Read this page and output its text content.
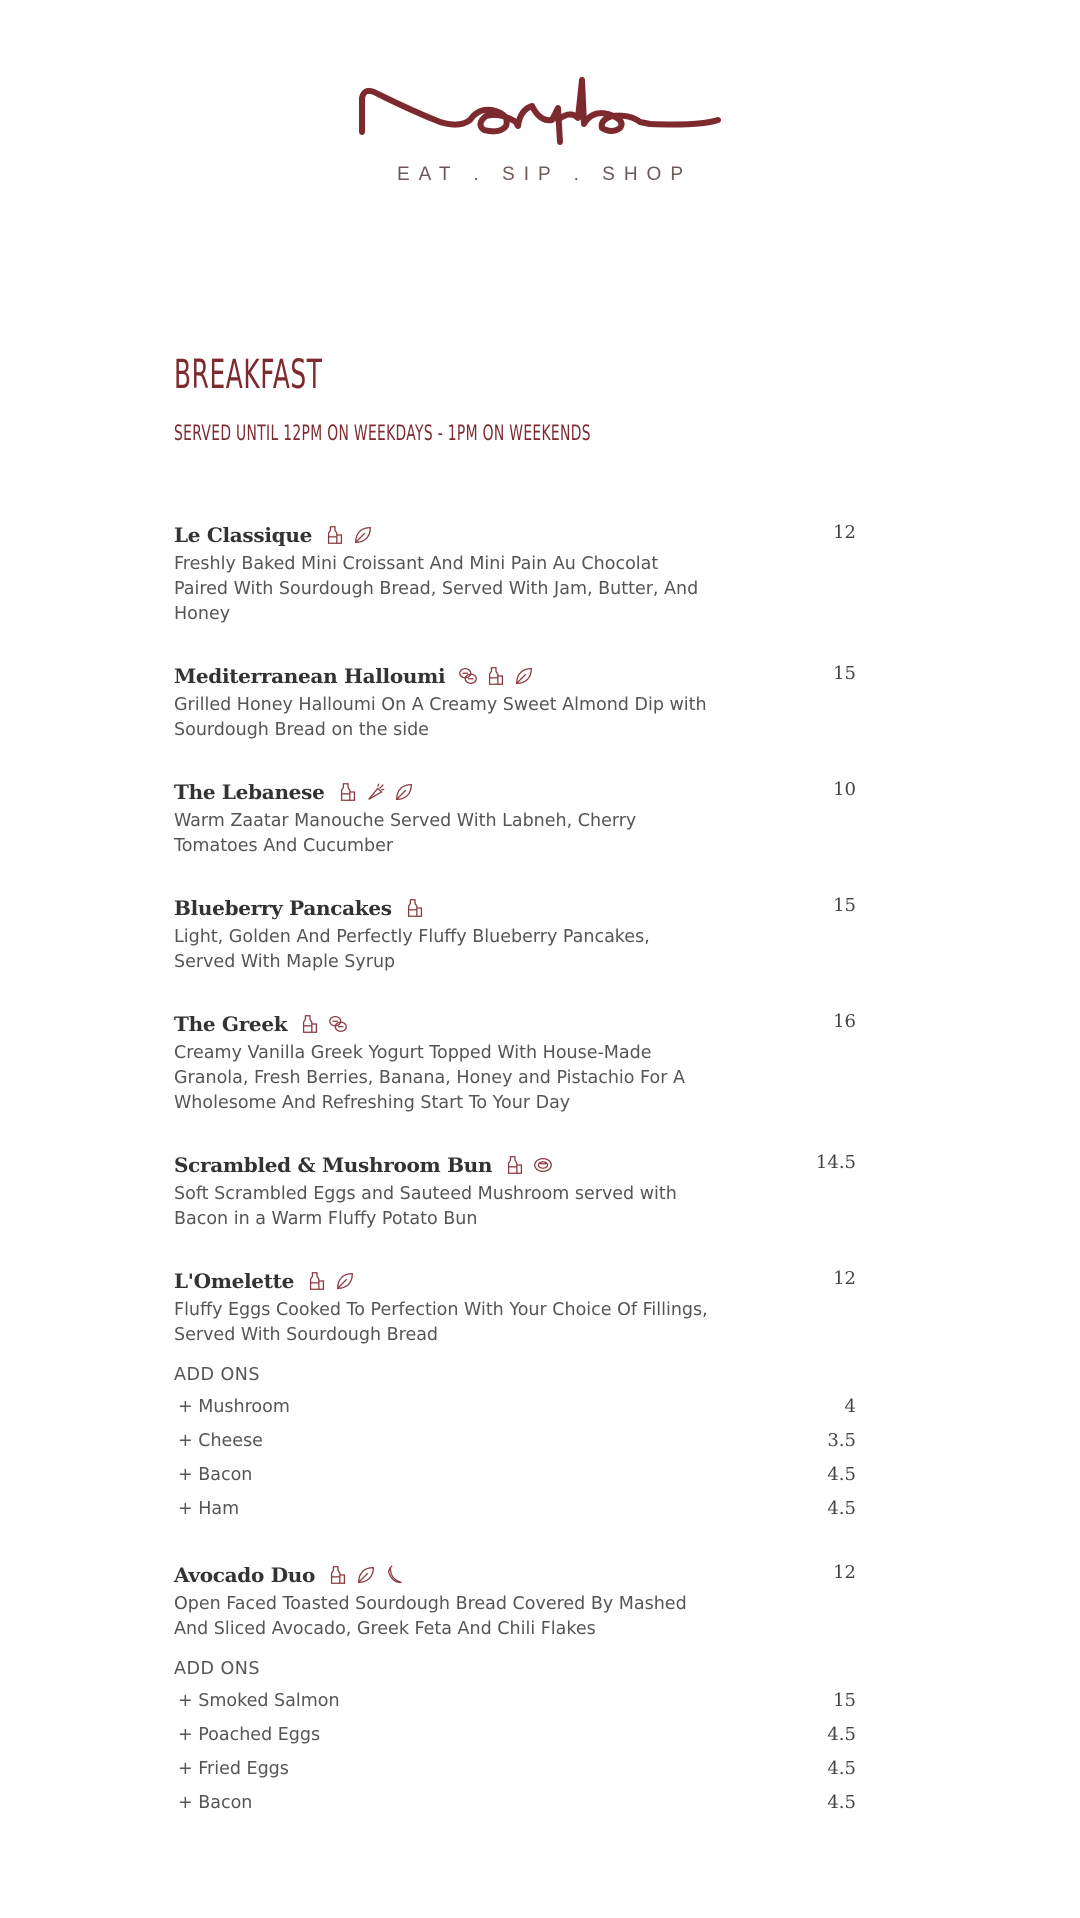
EAT . SIP . SHOP
BREAKFAST
SERVED UNTIL 12PM ON WEEKDAYS - 1PM ON WEEKENDS
Le Classique	12
Freshly Baked Mini Croissant And Mini Pain Au Chocolat Paired With Sourdough Bread, Served With Jam, Butter, And Honey
Mediterranean Halloumi	15
Grilled Honey Halloumi On A Creamy Sweet Almond Dip with Sourdough Bread on the side
The Lebanese	10
Warm Zaatar Manouche Served With Labneh, Cherry Tomatoes And Cucumber
Blueberry Pancakes	15
Light, Golden And Perfectly Fluffy Blueberry Pancakes, Served With Maple Syrup
The Greek	16
Creamy Vanilla Greek Yogurt Topped With House-Made Granola, Fresh Berries, Banana, Honey and Pistachio For A Wholesome And Refreshing Start To Your Day
Scrambled & Mushroom Bun	14.5
Soft Scrambled Eggs and Sauteed Mushroom served with Bacon in a Warm Fluffy Potato Bun
L'Omelette	12
Fluffy Eggs Cooked To Perfection With Your Choice Of Fillings, Served With Sourdough Bread
ADD ONS
+ Mushroom	4
+ Cheese	3.5
+ Bacon	4.5
+ Ham	4.5
Avocado Duo	12
Open Faced Toasted Sourdough Bread Covered By Mashed And Sliced Avocado, Greek Feta And Chili Flakes
ADD ONS
+ Smoked Salmon	15
+ Poached Eggs	4.5
+ Fried Eggs	4.5
+ Bacon	4.5
